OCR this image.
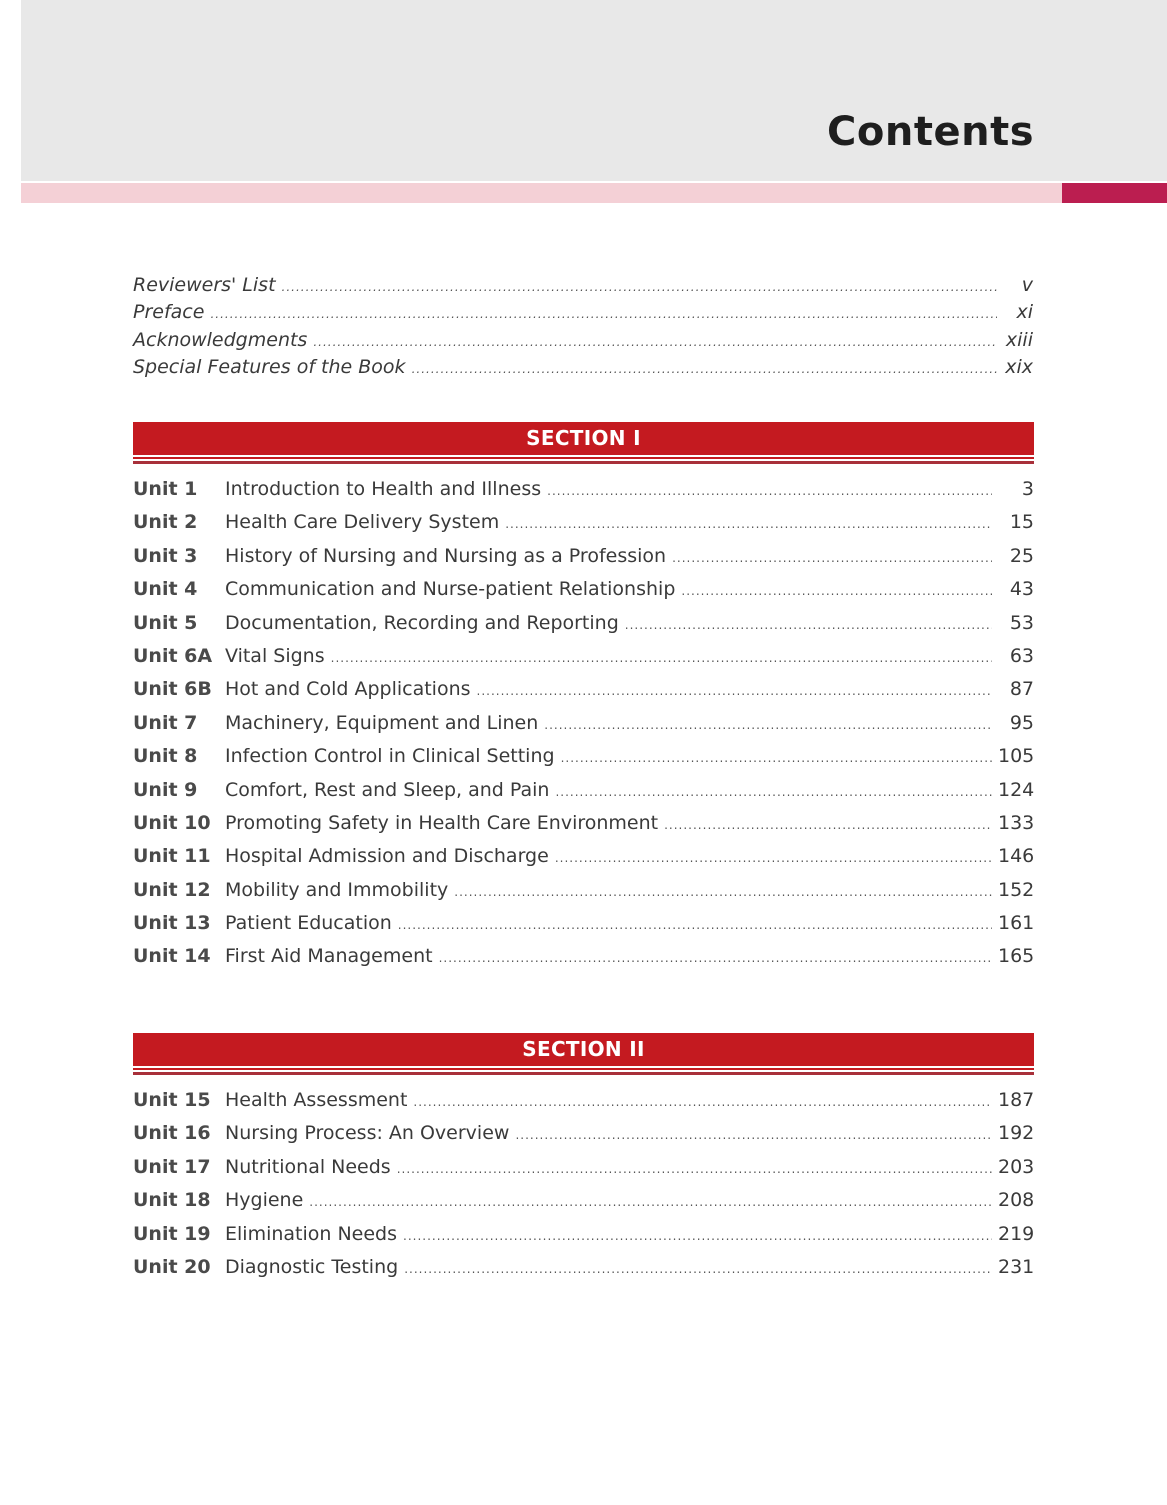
Contents
Reviewers' List .....	v
Preface .....	xi
Acknowledgments .....	xiii
Special Features of the Book .....	xix
SECTION I
Unit 1	Introduction to Health and Illness .....	3
Unit 2	Health Care Delivery System .....	15
Unit 3	History of Nursing and Nursing as a Profession .....	25
Unit 4	Communication and Nurse-patient Relationship .....	43
Unit 5	Documentation, Recording and Reporting .....	53
Unit 6A Vital Signs .....	63
Unit 6B Hot and Cold Applications .....	87
Unit 7	Machinery, Equipment and Linen .....	95
Unit 8	Infection Control in Clinical Setting .....	105
Unit 9	Comfort, Rest and Sleep, and Pain .....	124
Unit 10 Promoting Safety in Health Care Environment .....	133
Unit 11 Hospital Admission and Discharge .....	146
Unit 12 Mobility and Immobility .....	152
Unit 13 Patient Education .....	161
Unit 14 First Aid Management .....	165
SECTION II
Unit 15 Health Assessment .....	187
Unit 16 Nursing Process: An Overview .....	192
Unit 17 Nutritional Needs .....	203
Unit 18 Hygiene .....	208
Unit 19 Elimination Needs .....	219
Unit 20 Diagnostic Testing .....	231
